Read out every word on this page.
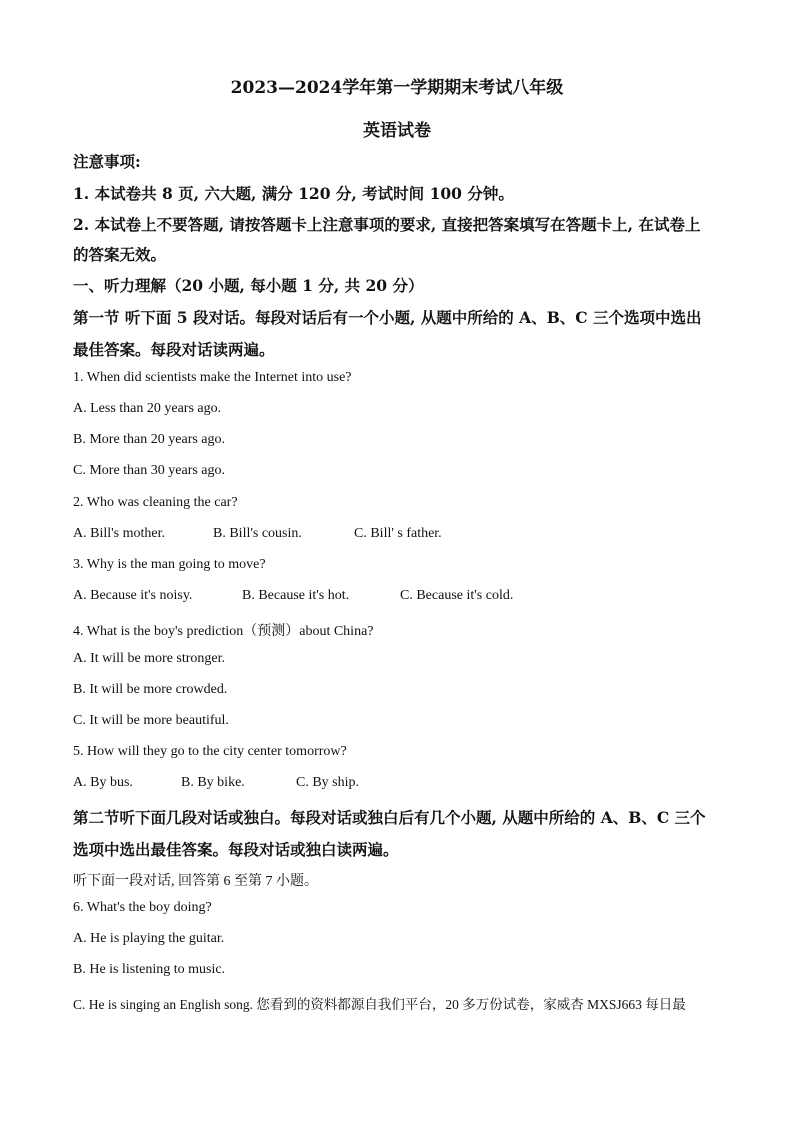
2023—2024学年第一学期期末考试八年级
英语试卷
注意事项:
1. 本试卷共 8 页, 六大题, 满分 120 分, 考试时间 100 分钟。
2. 本试卷上不要答题, 请按答题卡上注意事项的要求, 直接把答案填写在答题卡上, 在试卷上
的答案无效。
一、听力理解（20 小题, 每小题 1 分, 共 20 分）
第一节 听下面 5 段对话。每段对话后有一个小题, 从题中所给的 A、B、C 三个选项中选出
最佳答案。每段对话读两遍。
1. When did scientists make the Internet into use?
A. Less than 20 years ago.
B. More than 20 years ago.
C. More than 30 years ago.
2. Who was cleaning the car?
A. Bill's mother.	B. Bill's cousin.	C. Bill' s father.
3. Why is the man going to move?
A. Because it's noisy.	B. Because it's hot.	C. Because it's cold.
4. What is the boy's prediction（预测）about China?
A. It will be more stronger.
B. It will be more crowded.
C. It will be more beautiful.
5. How will they go to the city center tomorrow?
A. By bus.	B. By bike.	C. By ship.
第二节听下面几段对话或独白。每段对话或独白后有几个小题, 从题中所给的 A、B、C 三个
选项中选出最佳答案。每段对话或独白读两遍。
听下面一段对话, 回答第 6 至第 7 小题。
6. What's the boy doing?
A. He is playing the guitar.
B. He is listening to music.
C. He is singing an English song. 您看到的资料都源自我们平台，20 多万份试卷，家威杏 MXSJ663 每日最
